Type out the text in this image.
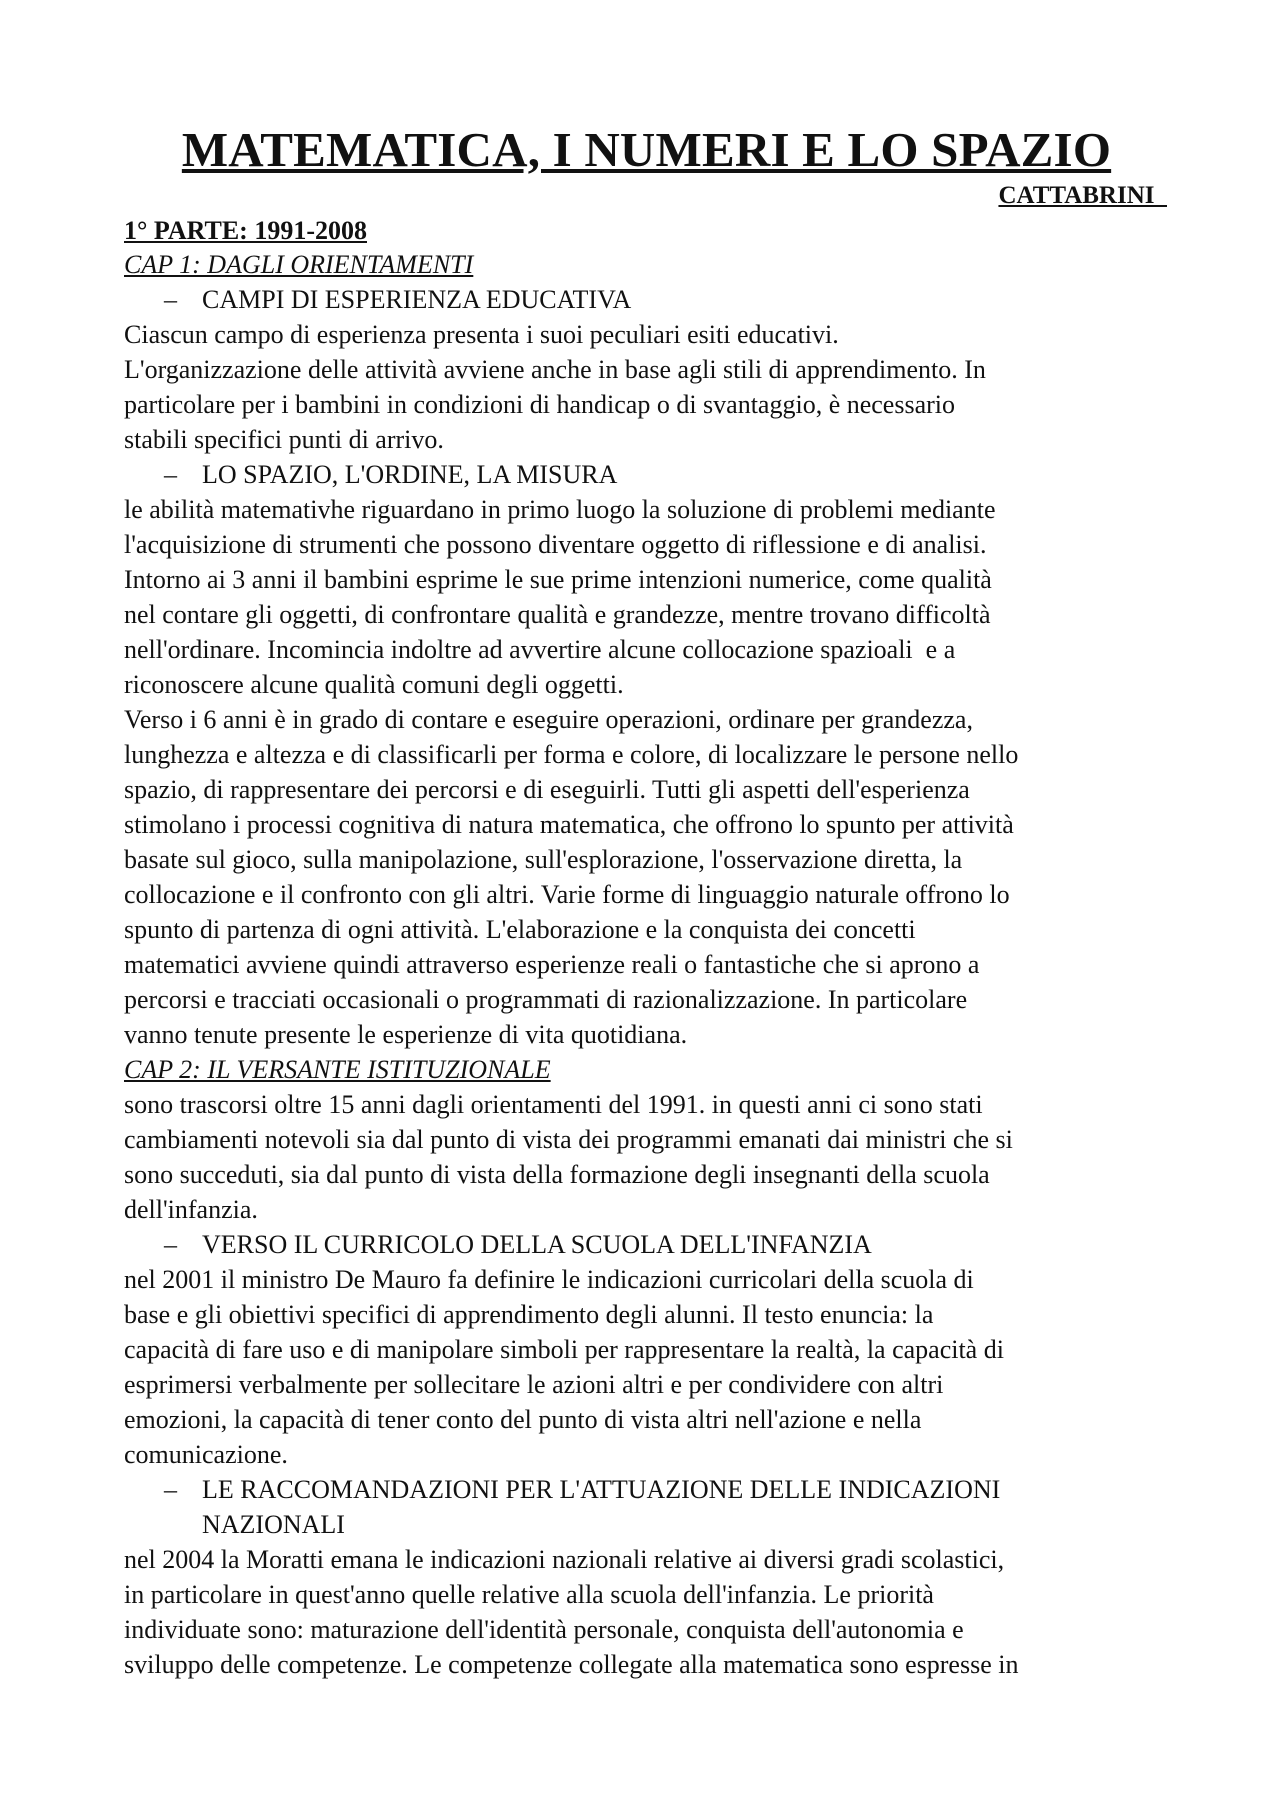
MATEMATICA, I NUMERI E LO SPAZIO

CATTABRINI

1° PARTE: 1991-2008

CAP 1: DAGLI ORIENTAMENTI

– CAMPI DI ESPERIENZA EDUCATIVA

Ciascun campo di esperienza presenta i suoi peculiari esiti educativi.
L'organizzazione delle attività avviene anche in base agli stili di apprendimento. In
particolare per i bambini in condizioni di handicap o di svantaggio, è necessario
stabili specifici punti di arrivo.

– LO SPAZIO, L'ORDINE, LA MISURA

le abilità matemativhe riguardano in primo luogo la soluzione di problemi mediante
l'acquisizione di strumenti che possono diventare oggetto di riflessione e di analisi.
Intorno ai 3 anni il bambini esprime le sue prime intenzioni numerice, come qualità
nel contare gli oggetti, di confrontare qualità e grandezze, mentre trovano difficoltà
nell'ordinare. Incomincia indoltre ad avvertire alcune collocazione spazioali  e a
riconoscere alcune qualità comuni degli oggetti.

Verso i 6 anni è in grado di contare e eseguire operazioni, ordinare per grandezza,
lunghezza e altezza e di classificarli per forma e colore, di localizzare le persone nello
spazio, di rappresentare dei percorsi e di eseguirli. Tutti gli aspetti dell'esperienza
stimolano i processi cognitiva di natura matematica, che offrono lo spunto per attività
basate sul gioco, sulla manipolazione, sull'esplorazione, l'osservazione diretta, la
collocazione e il confronto con gli altri. Varie forme di linguaggio naturale offrono lo
spunto di partenza di ogni attività. L'elaborazione e la conquista dei concetti
matematici avviene quindi attraverso esperienze reali o fantastiche che si aprono a
percorsi e tracciati occasionali o programmati di razionalizzazione. In particolare
vanno tenute presente le esperienze di vita quotidiana.

CAP 2: IL VERSANTE ISTITUZIONALE

sono trascorsi oltre 15 anni dagli orientamenti del 1991. in questi anni ci sono stati
cambiamenti notevoli sia dal punto di vista dei programmi emanati dai ministri che si
sono succeduti, sia dal punto di vista della formazione degli insegnanti della scuola
dell'infanzia.

– VERSO IL CURRICOLO DELLA SCUOLA DELL'INFANZIA

nel 2001 il ministro De Mauro fa definire le indicazioni curricolari della scuola di
base e gli obiettivi specifici di apprendimento degli alunni. Il testo enuncia: la
capacità di fare uso e di manipolare simboli per rappresentare la realtà, la capacità di
esprimersi verbalmente per sollecitare le azioni altri e per condividere con altri
emozioni, la capacità di tener conto del punto di vista altri nell'azione e nella
comunicazione.

– LE RACCOMANDAZIONI PER L'ATTUAZIONE DELLE INDICAZIONI
NAZIONALI

nel 2004 la Moratti emana le indicazioni nazionali relative ai diversi gradi scolastici,
in particolare in quest'anno quelle relative alla scuola dell'infanzia. Le priorità
individuate sono: maturazione dell'identità personale, conquista dell'autonomia e
sviluppo delle competenze. Le competenze collegate alla matematica sono espresse in
